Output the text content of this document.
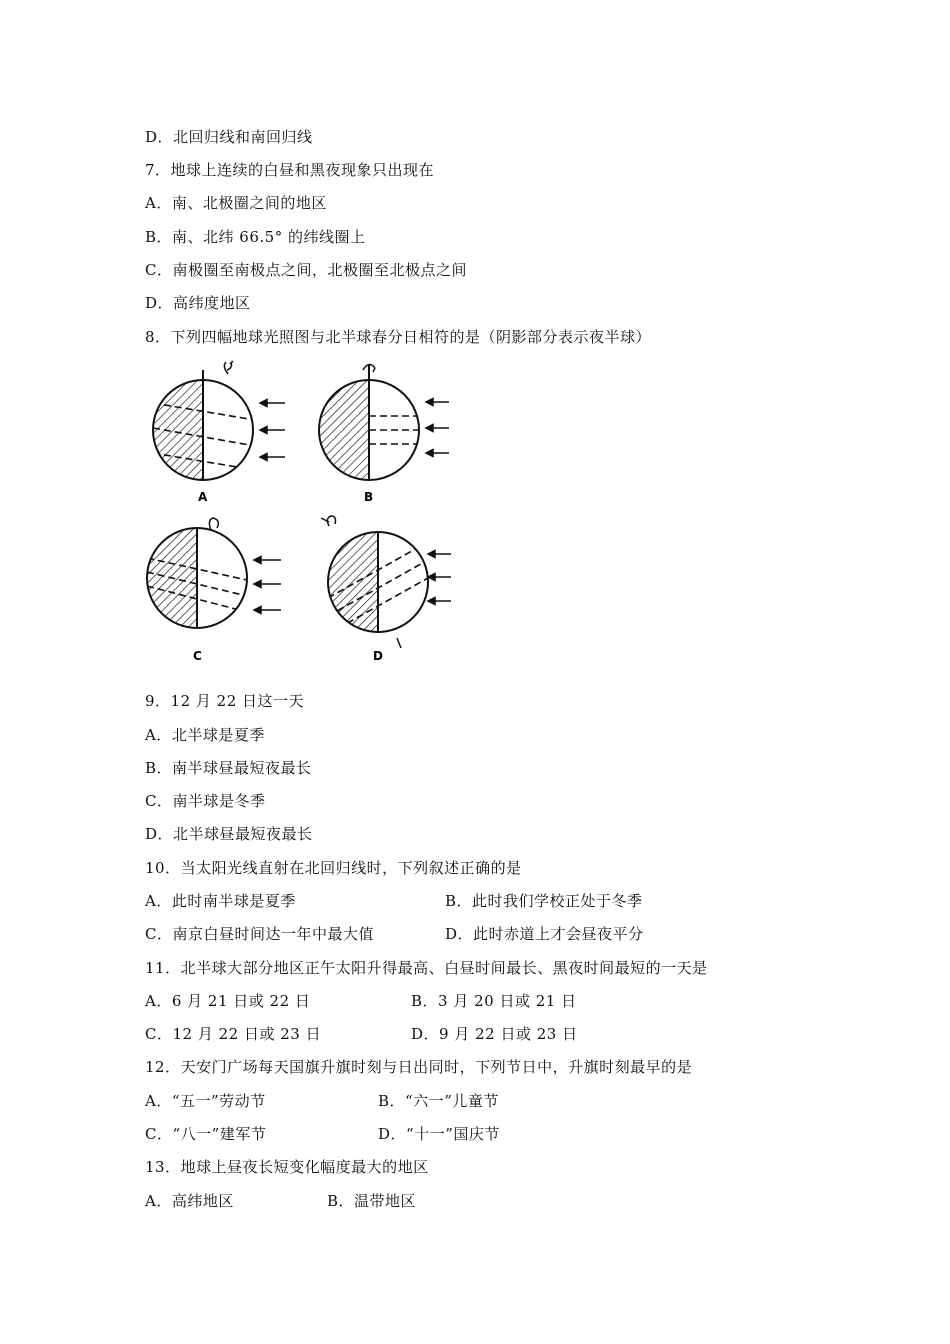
D．北回归线和南回归线
7．地球上连续的白昼和黑夜现象只出现在
A．南、北极圈之间的地区
B．南、北纬 66.5° 的纬线圈上
C．南极圈至南极点之间，北极圈至北极点之间
D．高纬度地区
8．下列四幅地球光照图与北半球春分日相符的是（阴影部分表示夜半球）
A	B
C	D
9．12 月 22 日这一天
A．北半球是夏季
B．南半球昼最短夜最长
C．南半球是冬季
D．北半球昼最短夜最长
10．当太阳光线直射在北回归线时，下列叙述正确的是
A．此时南半球是夏季	B．此时我们学校正处于冬季
C．南京白昼时间达一年中最大值	D．此时赤道上才会昼夜平分
11．北半球大部分地区正午太阳升得最高、白昼时间最长、黑夜时间最短的一天是
A．6 月 21 日或 22 日	B．3 月 20 日或 21 日
C．12 月 22 日或 23 日	D．9 月 22 日或 23 日
12．天安门广场每天国旗升旗时刻与日出同时，下列节日中，升旗时刻最早的是
A．“五一”劳动节	B．“六一”儿童节
C．“八一”建军节	D．“十一”国庆节
13．地球上昼夜长短变化幅度最大的地区
A．高纬地区	B．温带地区
